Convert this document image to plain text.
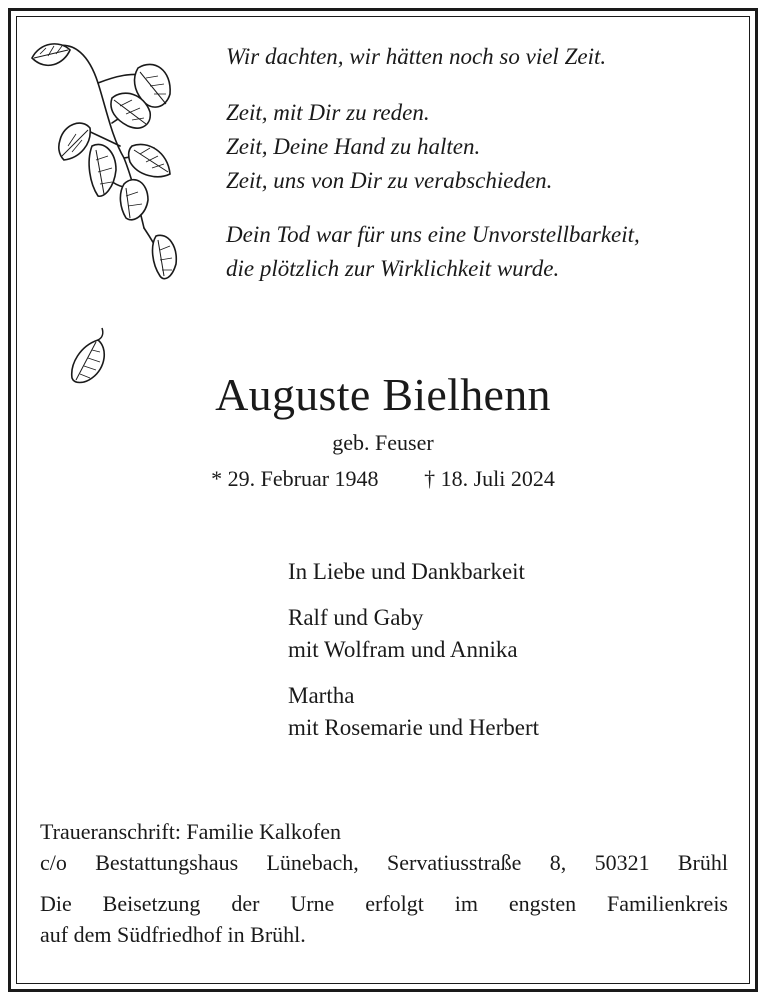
Wir dachten, wir hätten noch so viel Zeit.

Zeit, mit Dir zu reden.

Zeit, Deine Hand zu halten.

Zeit, uns von Dir zu verabschieden.

Dein Tod war für uns eine Unvorstellbarkeit,

die plötzlich zur Wirklichkeit wurde.

Auguste Bielhenn
geb. Feuser
* 29. Februar 1948 † 18. Juli 2024

In Liebe und Dankbarkeit

Ralf und Gaby

mit Wolfram und Annika

Martha

mit Rosemarie und Herbert

Traueranschrift: Familie Kalkofen

c/o Bestattungshaus Lünebach, Servatiusstraße 8, 50321 Brühl

Die Beisetzung der Urne erfolgt im engsten Familienkreis

auf dem Südfriedhof in Brühl.
